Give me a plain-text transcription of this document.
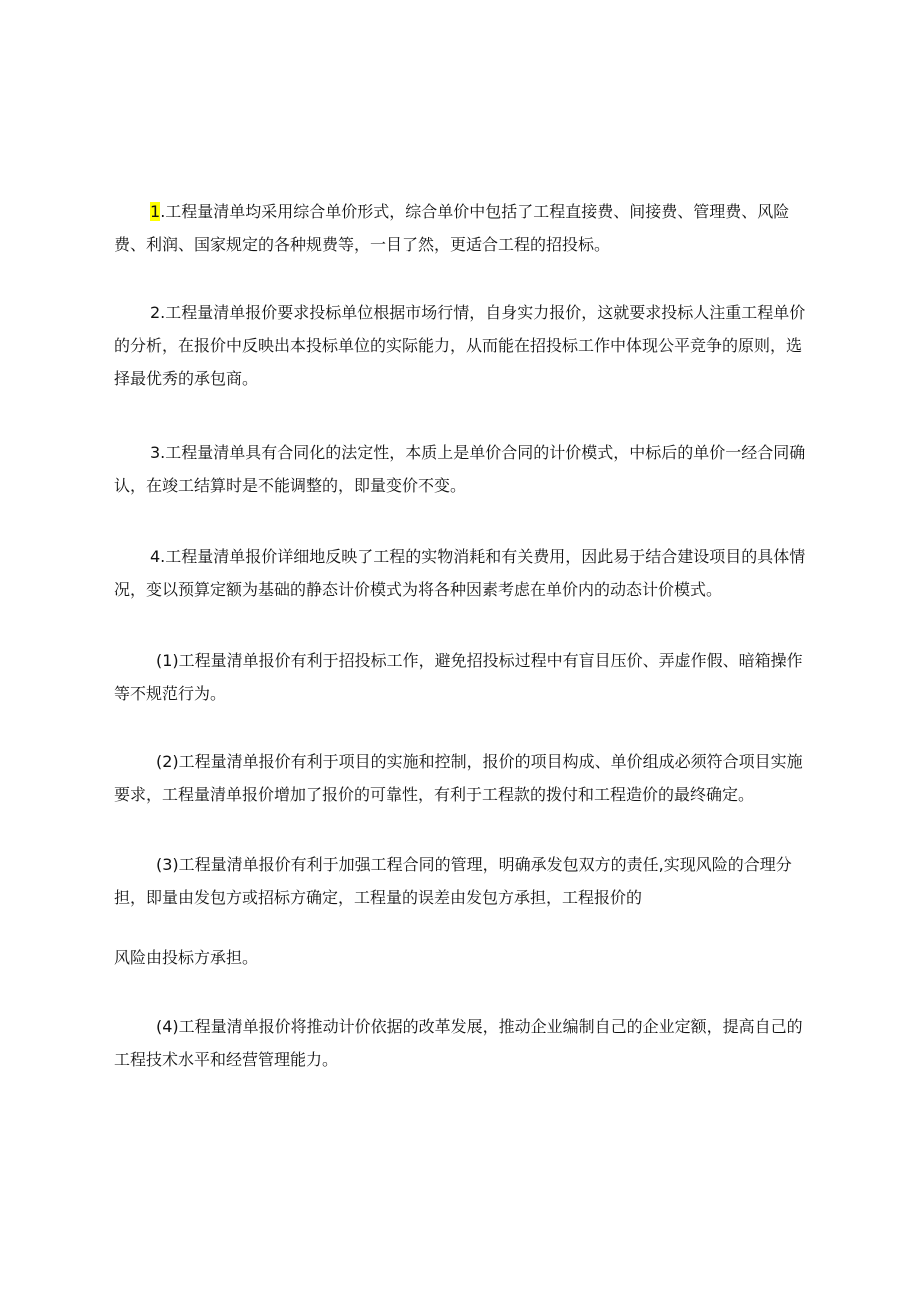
1.工程量清单均采用综合单价形式，综合单价中包括了工程直接费、间接费、管理费、风险费、利润、国家规定的各种规费等，一目了然，更适合工程的招投标。

2.工程量清单报价要求投标单位根据市场行情，自身实力报价，这就要求投标人注重工程单价的分析，在报价中反映出本投标单位的实际能力，从而能在招投标工作中体现公平竞争的原则，选择最优秀的承包商。

3.工程量清单具有合同化的法定性，本质上是单价合同的计价模式，中标后的单价一经合同确认，在竣工结算时是不能调整的，即量变价不变。

4.工程量清单报价详细地反映了工程的实物消耗和有关费用，因此易于结合建设项目的具体情况，变以预算定额为基础的静态计价模式为将各种因素考虑在单价内的动态计价模式。

(1)工程量清单报价有利于招投标工作，避免招投标过程中有盲目压价、弄虚作假、暗箱操作等不规范行为。

(2)工程量清单报价有利于项目的实施和控制，报价的项目构成、单价组成必须符合项目实施要求，工程量清单报价增加了报价的可靠性，有利于工程款的拨付和工程造价的最终确定。

(3)工程量清单报价有利于加强工程合同的管理，明确承发包双方的责任,实现风险的合理分担，即量由发包方或招标方确定，工程量的误差由发包方承担，工程报价的

风险由投标方承担。

(4)工程量清单报价将推动计价依据的改革发展，推动企业编制自己的企业定额，提高自己的工程技术水平和经营管理能力。
